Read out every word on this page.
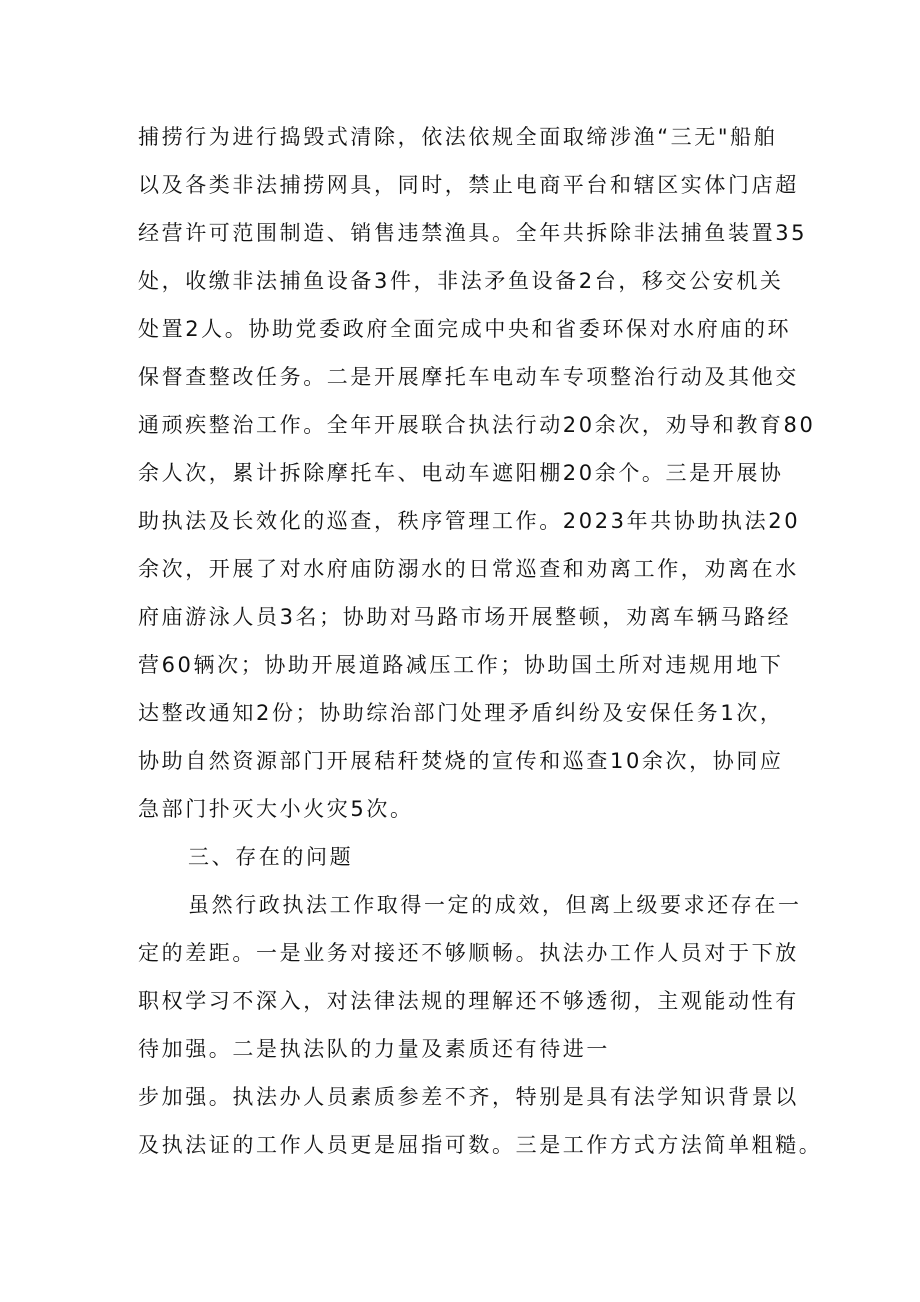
捕捞行为进行捣毁式清除，依法依规全面取缔涉渔“三无"船舶
以及各类非法捕捞网具，同时，禁止电商平台和辖区实体门店超
经营许可范围制造、销售违禁渔具。全年共拆除非法捕鱼装置35
处，收缴非法捕鱼设备3件，非法矛鱼设备2台，移交公安机关
处置2人。协助党委政府全面完成中央和省委环保对水府庙的环
保督查整改任务。二是开展摩托车电动车专项整治行动及其他交
通顽疾整治工作。全年开展联合执法行动20余次，劝导和教育80
余人次，累计拆除摩托车、电动车遮阳棚20余个。三是开展协
助执法及长效化的巡查，秩序管理工作。2023年共协助执法20
余次，开展了对水府庙防溺水的日常巡查和劝离工作，劝离在水
府庙游泳人员3名；协助对马路市场开展整顿，劝离车辆马路经
营60辆次；协助开展道路减压工作；协助国土所对违规用地下
达整改通知2份；协助综治部门处理矛盾纠纷及安保任务1次，
协助自然资源部门开展秸秆焚烧的宣传和巡查10余次，协同应
急部门扑灭大小火灾5次。
三、存在的问题
虽然行政执法工作取得一定的成效，但离上级要求还存在一
定的差距。一是业务对接还不够顺畅。执法办工作人员对于下放
职权学习不深入，对法律法规的理解还不够透彻，主观能动性有
待加强。二是执法队的力量及素质还有待进一
步加强。执法办人员素质参差不齐，特别是具有法学知识背景以
及执法证的工作人员更是屈指可数。三是工作方式方法简单粗糙。
